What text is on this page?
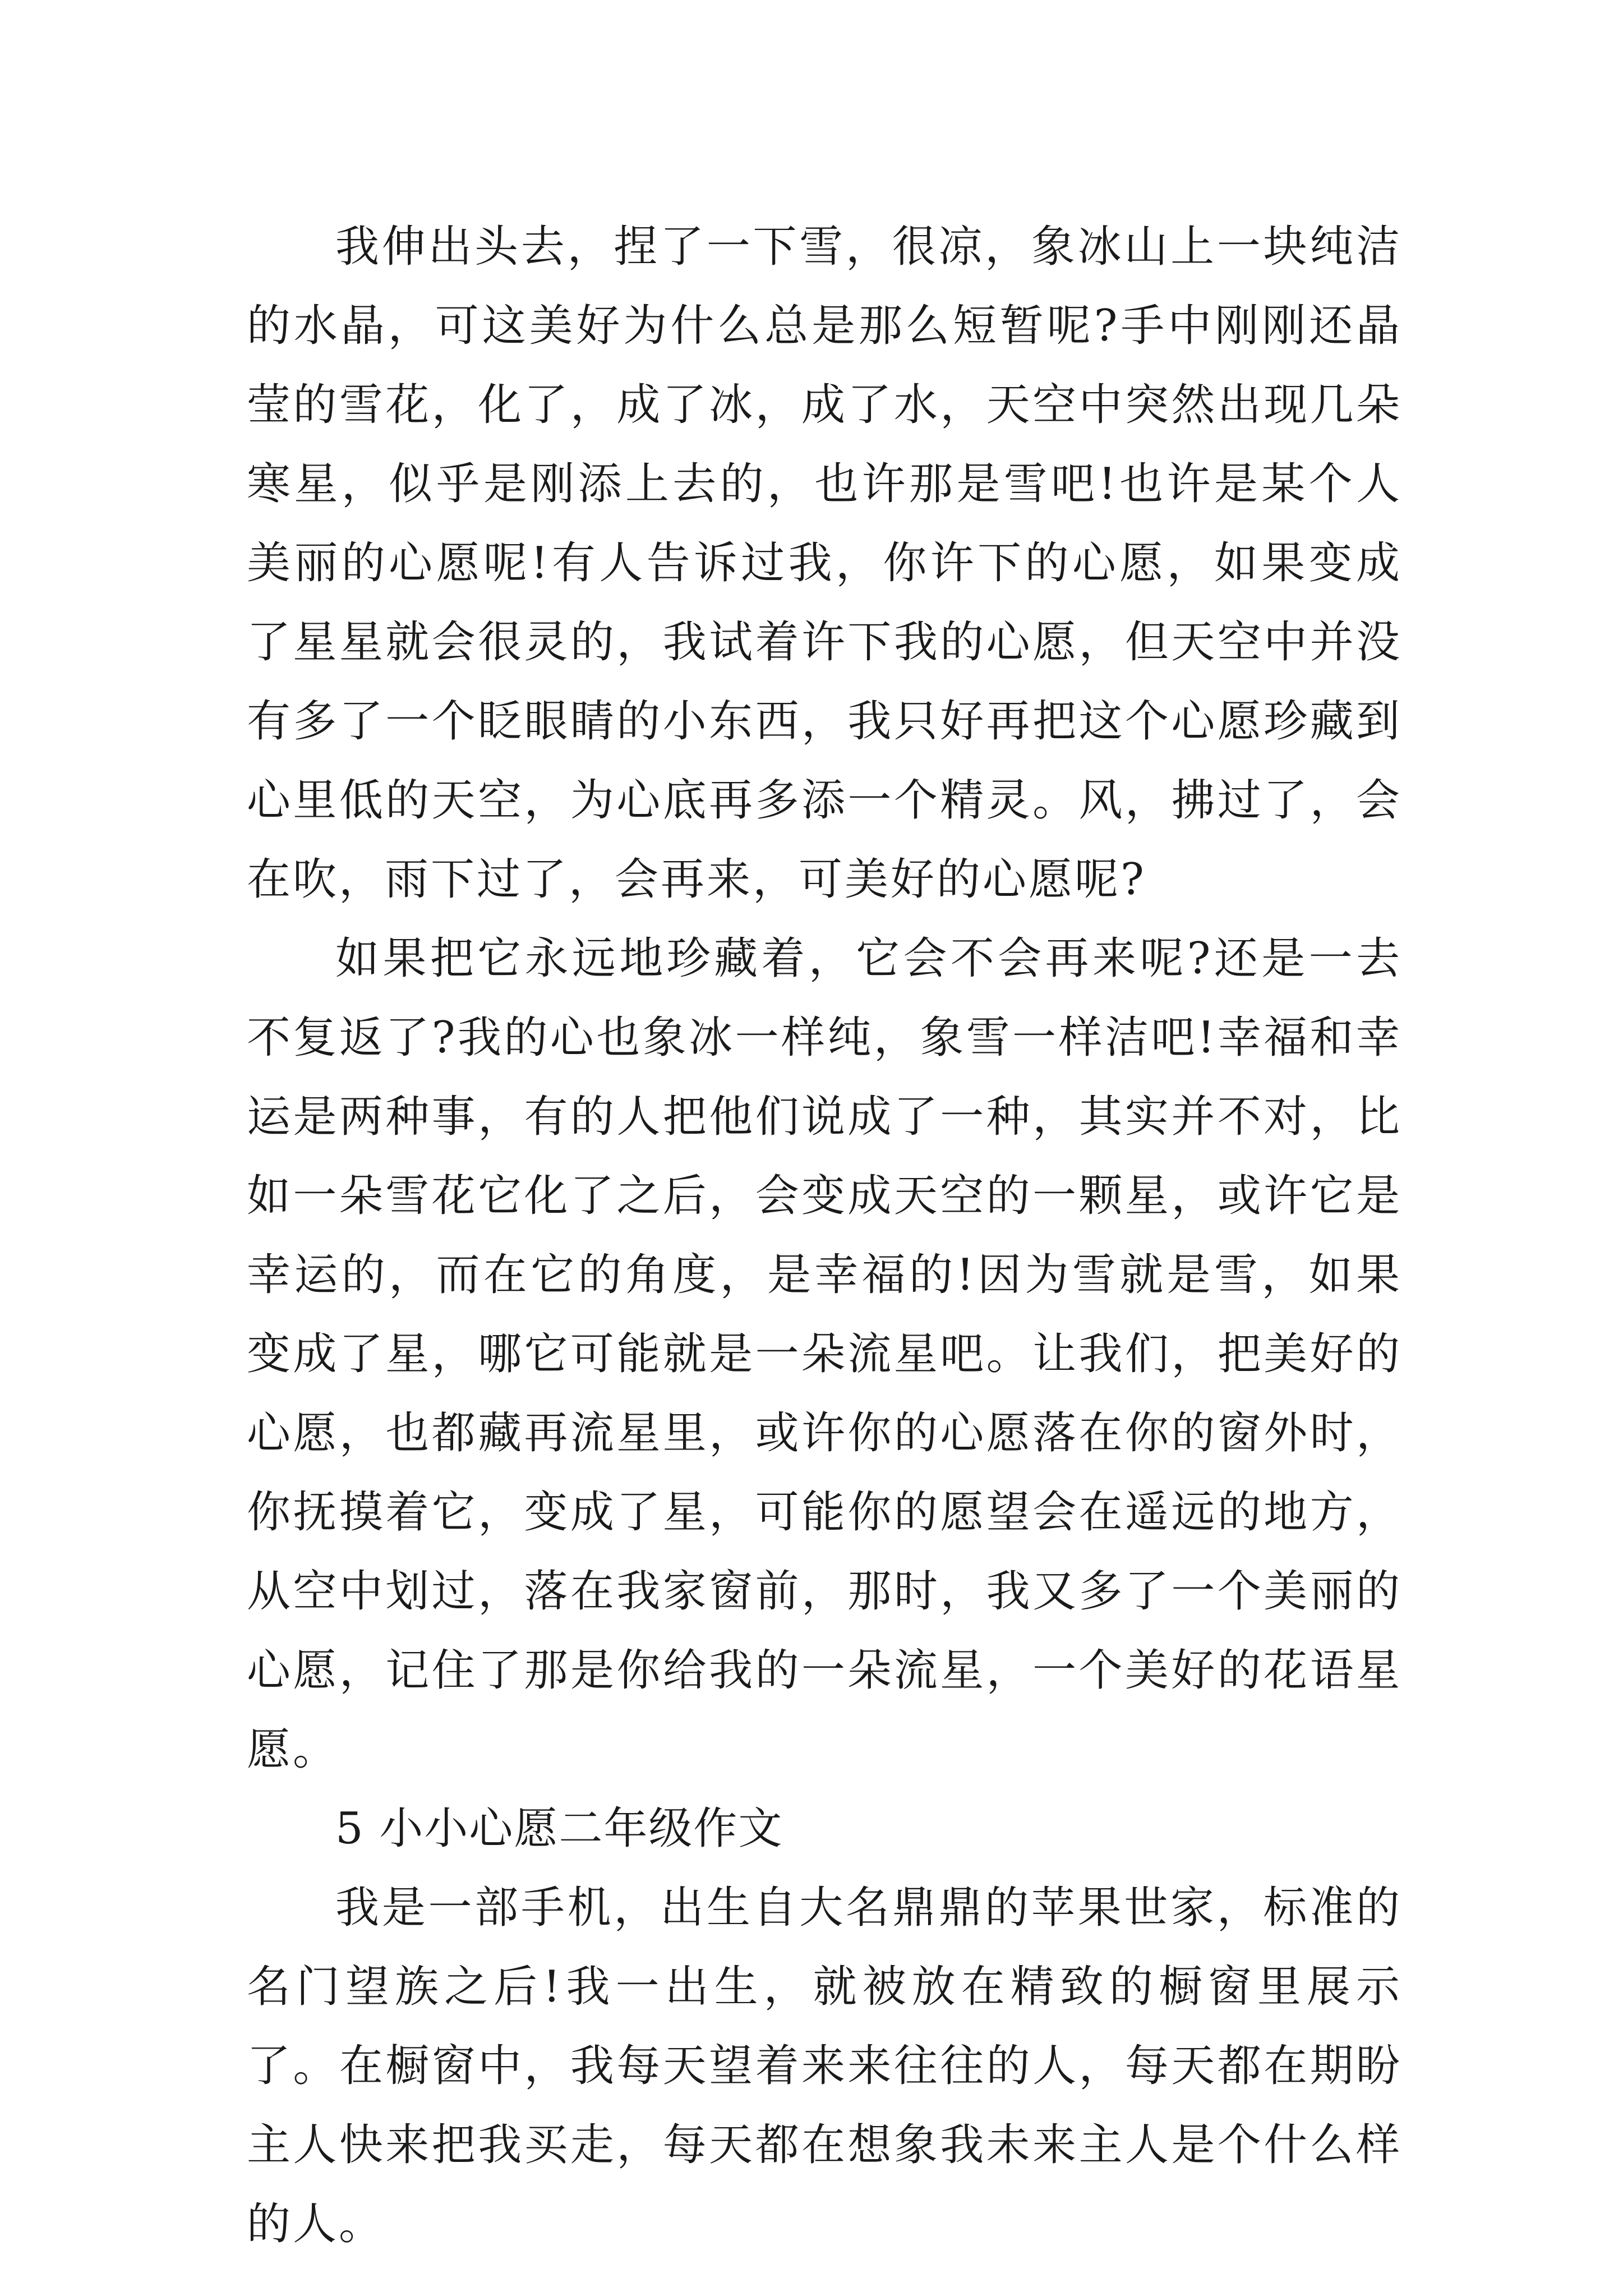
我伸出头去，捏了一下雪，很凉，象冰山上一块纯洁的水晶，可这美好为什么总是那么短暂呢?手中刚刚还晶莹的雪花，化了，成了冰，成了水，天空中突然出现几朵寒星，似乎是刚添上去的，也许那是雪吧!也许是某个人美丽的心愿呢!有人告诉过我，你许下的心愿，如果变成了星星就会很灵的，我试着许下我的心愿，但天空中并没有多了一个眨眼睛的小东西，我只好再把这个心愿珍藏到心里低的天空，为心底再多添一个精灵。风，拂过了，会在吹，雨下过了，会再来，可美好的心愿呢?

如果把它永远地珍藏着，它会不会再来呢?还是一去不复返了?我的心也象冰一样纯，象雪一样洁吧!幸福和幸运是两种事，有的人把他们说成了一种，其实并不对，比如一朵雪花它化了之后，会变成天空的一颗星，或许它是幸运的，而在它的角度，是幸福的!因为雪就是雪，如果变成了星，哪它可能就是一朵流星吧。让我们，把美好的心愿，也都藏再流星里，或许你的心愿落在你的窗外时，你抚摸着它，变成了星，可能你的愿望会在遥远的地方，从空中划过，落在我家窗前，那时，我又多了一个美丽的心愿，记住了那是你给我的一朵流星，一个美好的花语星愿。

5 小小心愿二年级作文

我是一部手机，出生自大名鼎鼎的苹果世家，标准的名门望族之后!我一出生，就被放在精致的橱窗里展示了。在橱窗中，我每天望着来来往往的人，每天都在期盼主人快来把我买走，每天都在想象我未来主人是个什么样的人。
